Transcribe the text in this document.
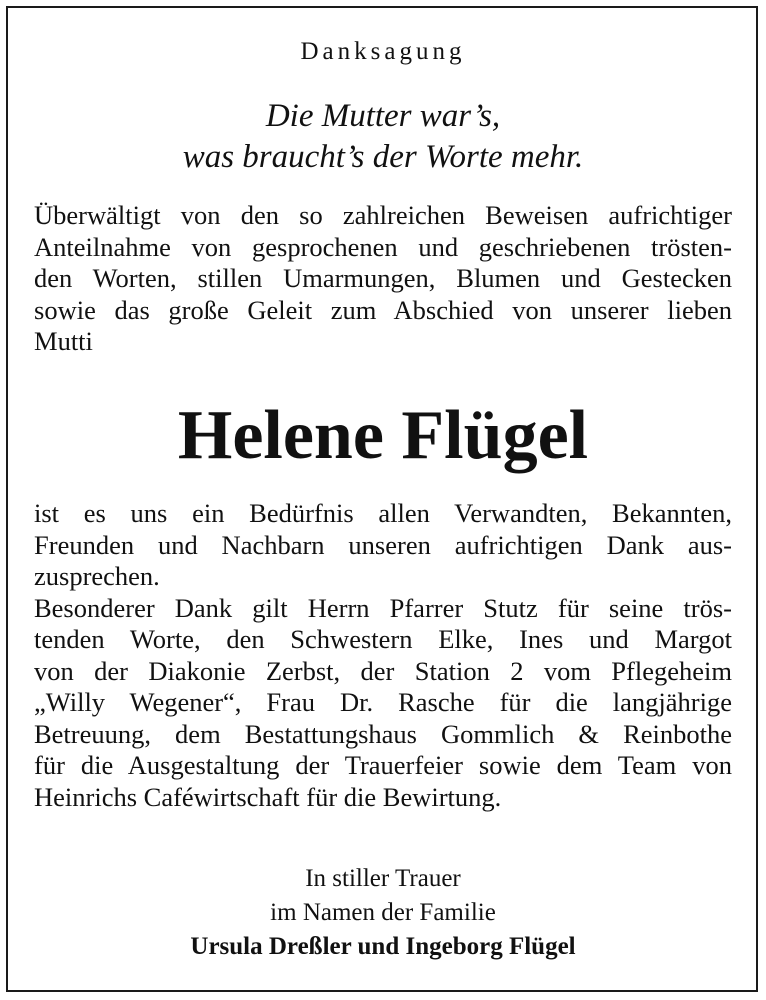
Danksagung
Die Mutter war’s,
was braucht’s der Worte mehr.
Überwältigt von den so zahlreichen Beweisen aufrichtiger
Anteilnahme von gesprochenen und geschriebenen trösten-
den Worten, stillen Umarmungen, Blumen und Gestecken
sowie das große Geleit zum Abschied von unserer lieben
Mutti
Helene Flügel
ist es uns ein Bedürfnis allen Verwandten, Bekannten,
Freunden und Nachbarn unseren aufrichtigen Dank aus-
zusprechen.
Besonderer Dank gilt Herrn Pfarrer Stutz für seine trös-
tenden Worte, den Schwestern Elke, Ines und Margot
von der Diakonie Zerbst, der Station 2 vom Pflegeheim
„Willy Wegener“, Frau Dr. Rasche für die langjährige
Betreuung, dem Bestattungshaus Gommlich & Reinbothe
für die Ausgestaltung der Trauerfeier sowie dem Team von
Heinrichs Caféwirtschaft für die Bewirtung.
In stiller Trauer
im Namen der Familie
Ursula Dreßler und Ingeborg Flügel
